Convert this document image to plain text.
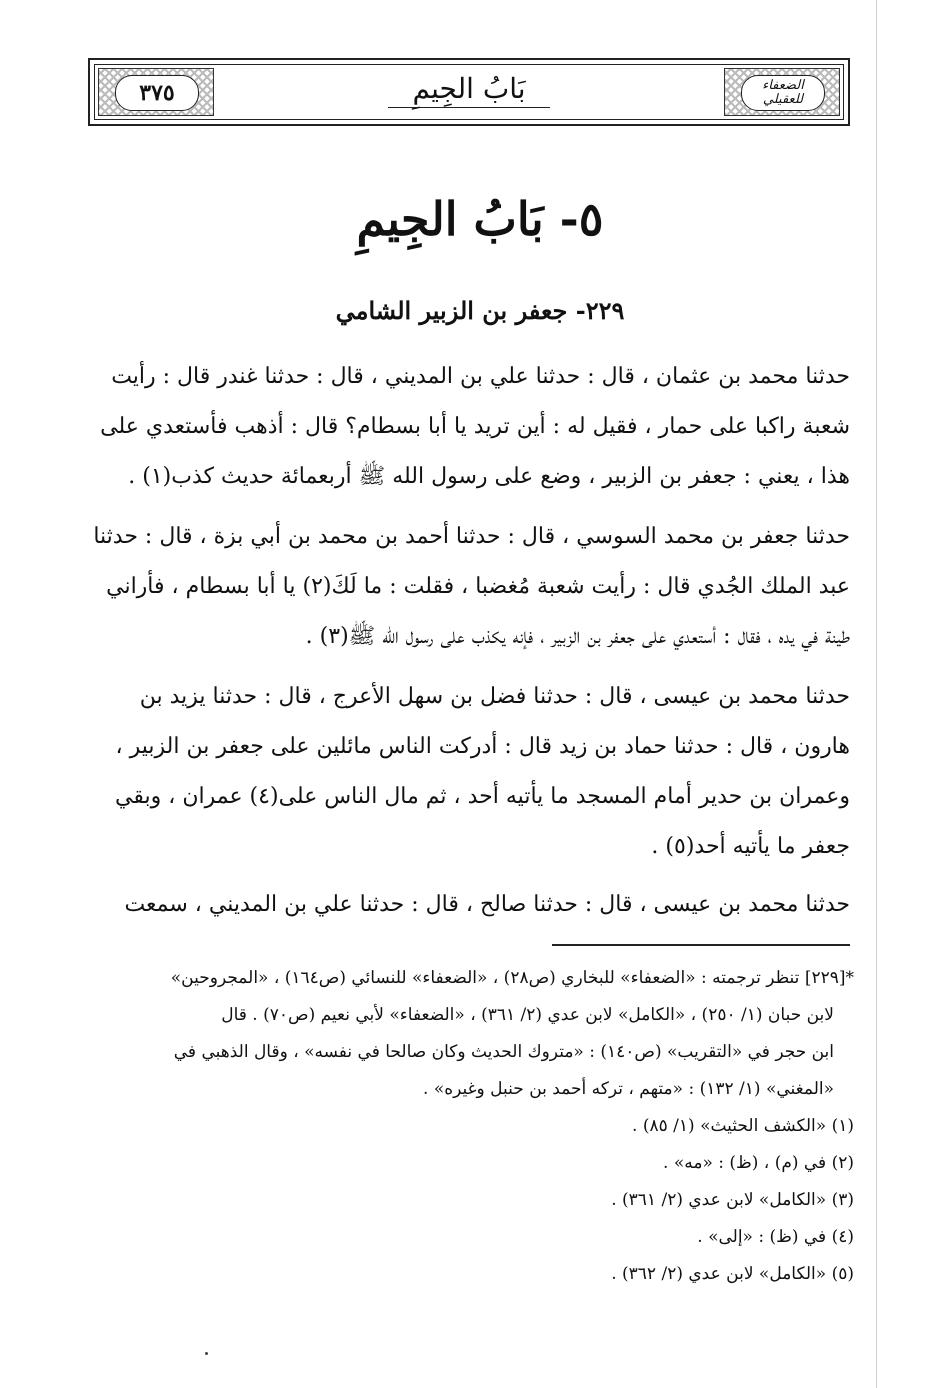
٣٧٥	بَابُ الجِيمِ	الضعفاء للعقيلي
٥- بَابُ الجِيمِ
٢٢٩- جعفر بن الزبير الشامي

حدثنا محمد بن عثمان ، قال : حدثنا علي بن المديني ، قال : حدثنا غندر قال : رأيت

شعبة راكبا على حمار ، فقيل له : أين تريد يا أبا بسطام؟ قال : أذهب فأستعدي على

هذا ، يعني : جعفر بن الزبير ، وضع على رسول الله ﷺ أربعمائة حديث كذب(١) .

حدثنا جعفر بن محمد السوسي ، قال : حدثنا أحمد بن محمد بن أبي بزة ، قال : حدثنا

عبد الملك الجُدي قال : رأيت شعبة مُغضبا ، فقلت : ما لَكَ(٢) يا أبا بسطام ، فأراني

طينة في يده ، فقال : أستعدي على جعفر بن الزبير ، فإنه يكذب على رسول الله ﷺ(٣) .

حدثنا محمد بن عيسى ، قال : حدثنا فضل بن سهل الأعرج ، قال : حدثنا يزيد بن

هارون ، قال : حدثنا حماد بن زيد قال : أدركت الناس مائلين على جعفر بن الزبير ،

وعمران بن حدير أمام المسجد ما يأتيه أحد ، ثم مال الناس على(٤) عمران ، وبقي

جعفر ما يأتيه أحد(٥) .

حدثنا محمد بن عيسى ، قال : حدثنا صالح ، قال : حدثنا علي بن المديني ، سمعت

*[٢٢٩] تنظر ترجمته : «الضعفاء» للبخاري (ص٢٨) ، «الضعفاء» للنسائي (ص١٦٤) ، «المجروحين»
لابن حبان (١/ ٢٥٠) ، «الكامل» لابن عدي (٢/ ٣٦١) ، «الضعفاء» لأبي نعيم (ص٧٠) . قال
ابن حجر في «التقريب» (ص١٤٠) : «متروك الحديث وكان صالحا في نفسه» ، وقال الذهبي في
«المغني» (١/ ١٣٢) : «متهم ، تركه أحمد بن حنبل وغيره» .
(١) «الكشف الحثيث» (١/ ٨٥) .
(٢) في (م) ، (ظ) : «مه» .
(٣) «الكامل» لابن عدي (٢/ ٣٦١) .
(٤) في (ظ) : «إلى» .
(٥) «الكامل» لابن عدي (٢/ ٣٦٢) .
